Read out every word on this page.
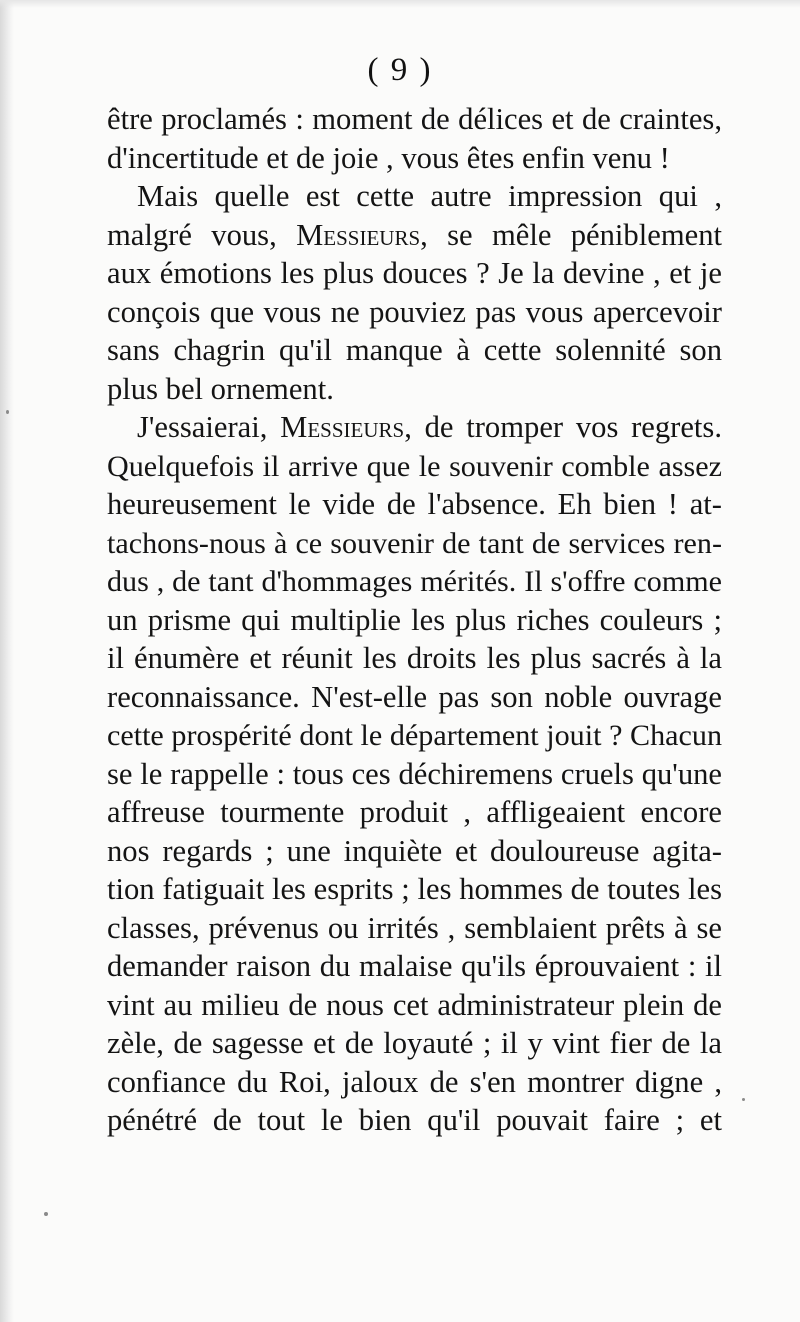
( 9 )
être proclamés : moment de délices et de craintes,
d'incertitude et de joie , vous êtes enfin venu !
Mais quelle est cette autre impression qui ,
malgré vous, Messieurs, se mêle péniblement
aux émotions les plus douces ? Je la devine , et je
conçois que vous ne pouviez pas vous apercevoir
sans chagrin qu'il manque à cette solennité son
plus bel ornement.
J'essaierai, Messieurs, de tromper vos regrets.
Quelquefois il arrive que le souvenir comble assez
heureusement le vide de l'absence. Eh bien ! at-
tachons-nous à ce souvenir de tant de services ren-
dus , de tant d'hommages mérités. Il s'offre comme
un prisme qui multiplie les plus riches couleurs ;
il énumère et réunit les droits les plus sacrés à la
reconnaissance. N'est-elle pas son noble ouvrage
cette prospérité dont le département jouit ? Chacun
se le rappelle : tous ces déchiremens cruels qu'une
affreuse tourmente produit , affligeaient encore
nos regards ; une inquiète et douloureuse agita-
tion fatiguait les esprits ; les hommes de toutes les
classes, prévenus ou irrités , semblaient prêts à se
demander raison du malaise qu'ils éprouvaient : il
vint au milieu de nous cet administrateur plein de
zèle, de sagesse et de loyauté ; il y vint fier de la
confiance du Roi, jaloux de s'en montrer digne ,
pénétré de tout le bien qu'il pouvait faire ; et
